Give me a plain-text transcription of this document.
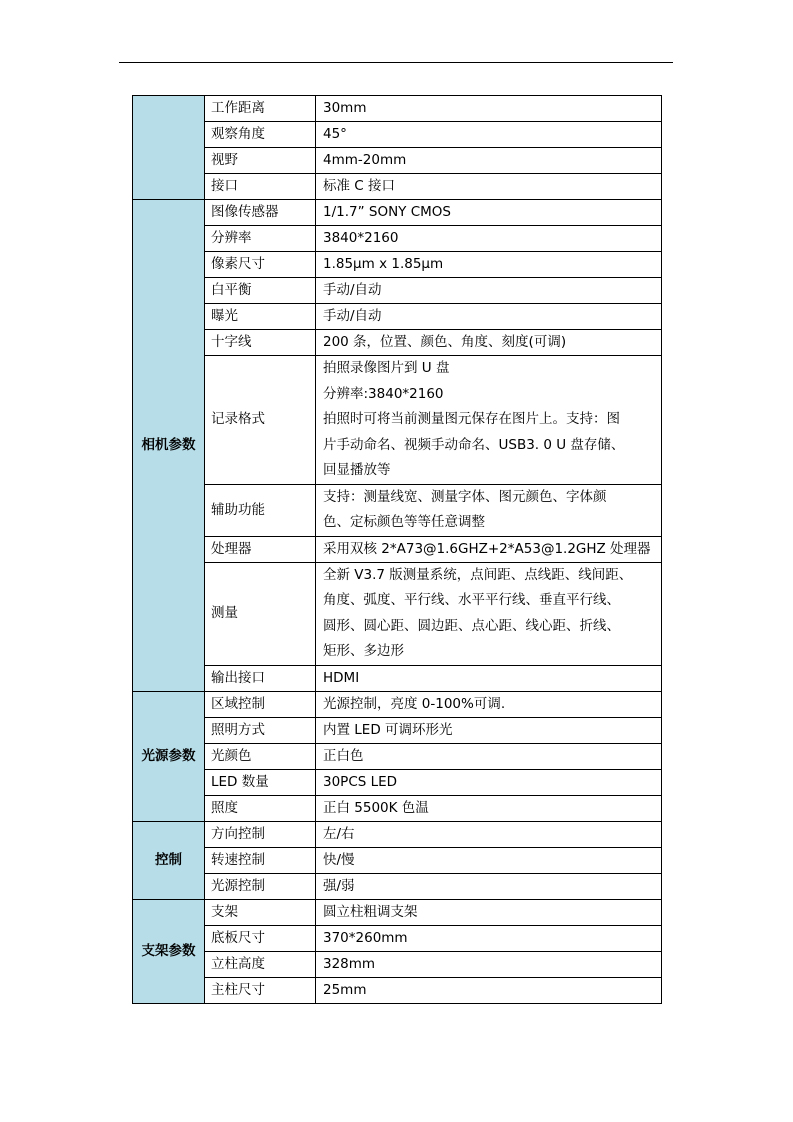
	工作距离	30mm

	观察角度	45°

	视野	4mm-20mm

	接口	标准 C 接口

相机参数	图像传感器	1/1.7” SONY CMOS

	分辨率	3840*2160

	像素尺寸	1.85μm x 1.85μm

	白平衡	手动/自动

	曝光	手动/自动

	十字线	200 条，位置、颜色、角度、刻度(可调)

	记录格式	拍照录像图片到 U 盘
分辨率:3840*2160
拍照时可将当前测量图元保存在图片上。支持：图
片手动命名、视频手动命名、USB3. 0 U 盘存储、
回显播放等

	辅助功能	支持：测量线宽、测量字体、图元颜色、字体颜
色、定标颜色等等任意调整

	处理器	采用双核 2*A73@1.6GHZ+2*A53@1.2GHZ 处理器

	测量	全新 V3.7 版测量系统，点间距、点线距、线间距、
角度、弧度、平行线、水平平行线、垂直平行线、
圆形、圆心距、圆边距、点心距、线心距、折线、
矩形、多边形

	输出接口	HDMI

光源参数	区域控制	光源控制，亮度 0-100%可调.

	照明方式	内置 LED 可调环形光

	光颜色	正白色

	LED 数量	30PCS LED

	照度	正白 5500K 色温

控制	方向控制	左/右

	转速控制	快/慢

	光源控制	强/弱

支架参数	支架	圆立柱粗调支架

	底板尺寸	370*260mm

	立柱高度	328mm

	主柱尺寸	25mm
